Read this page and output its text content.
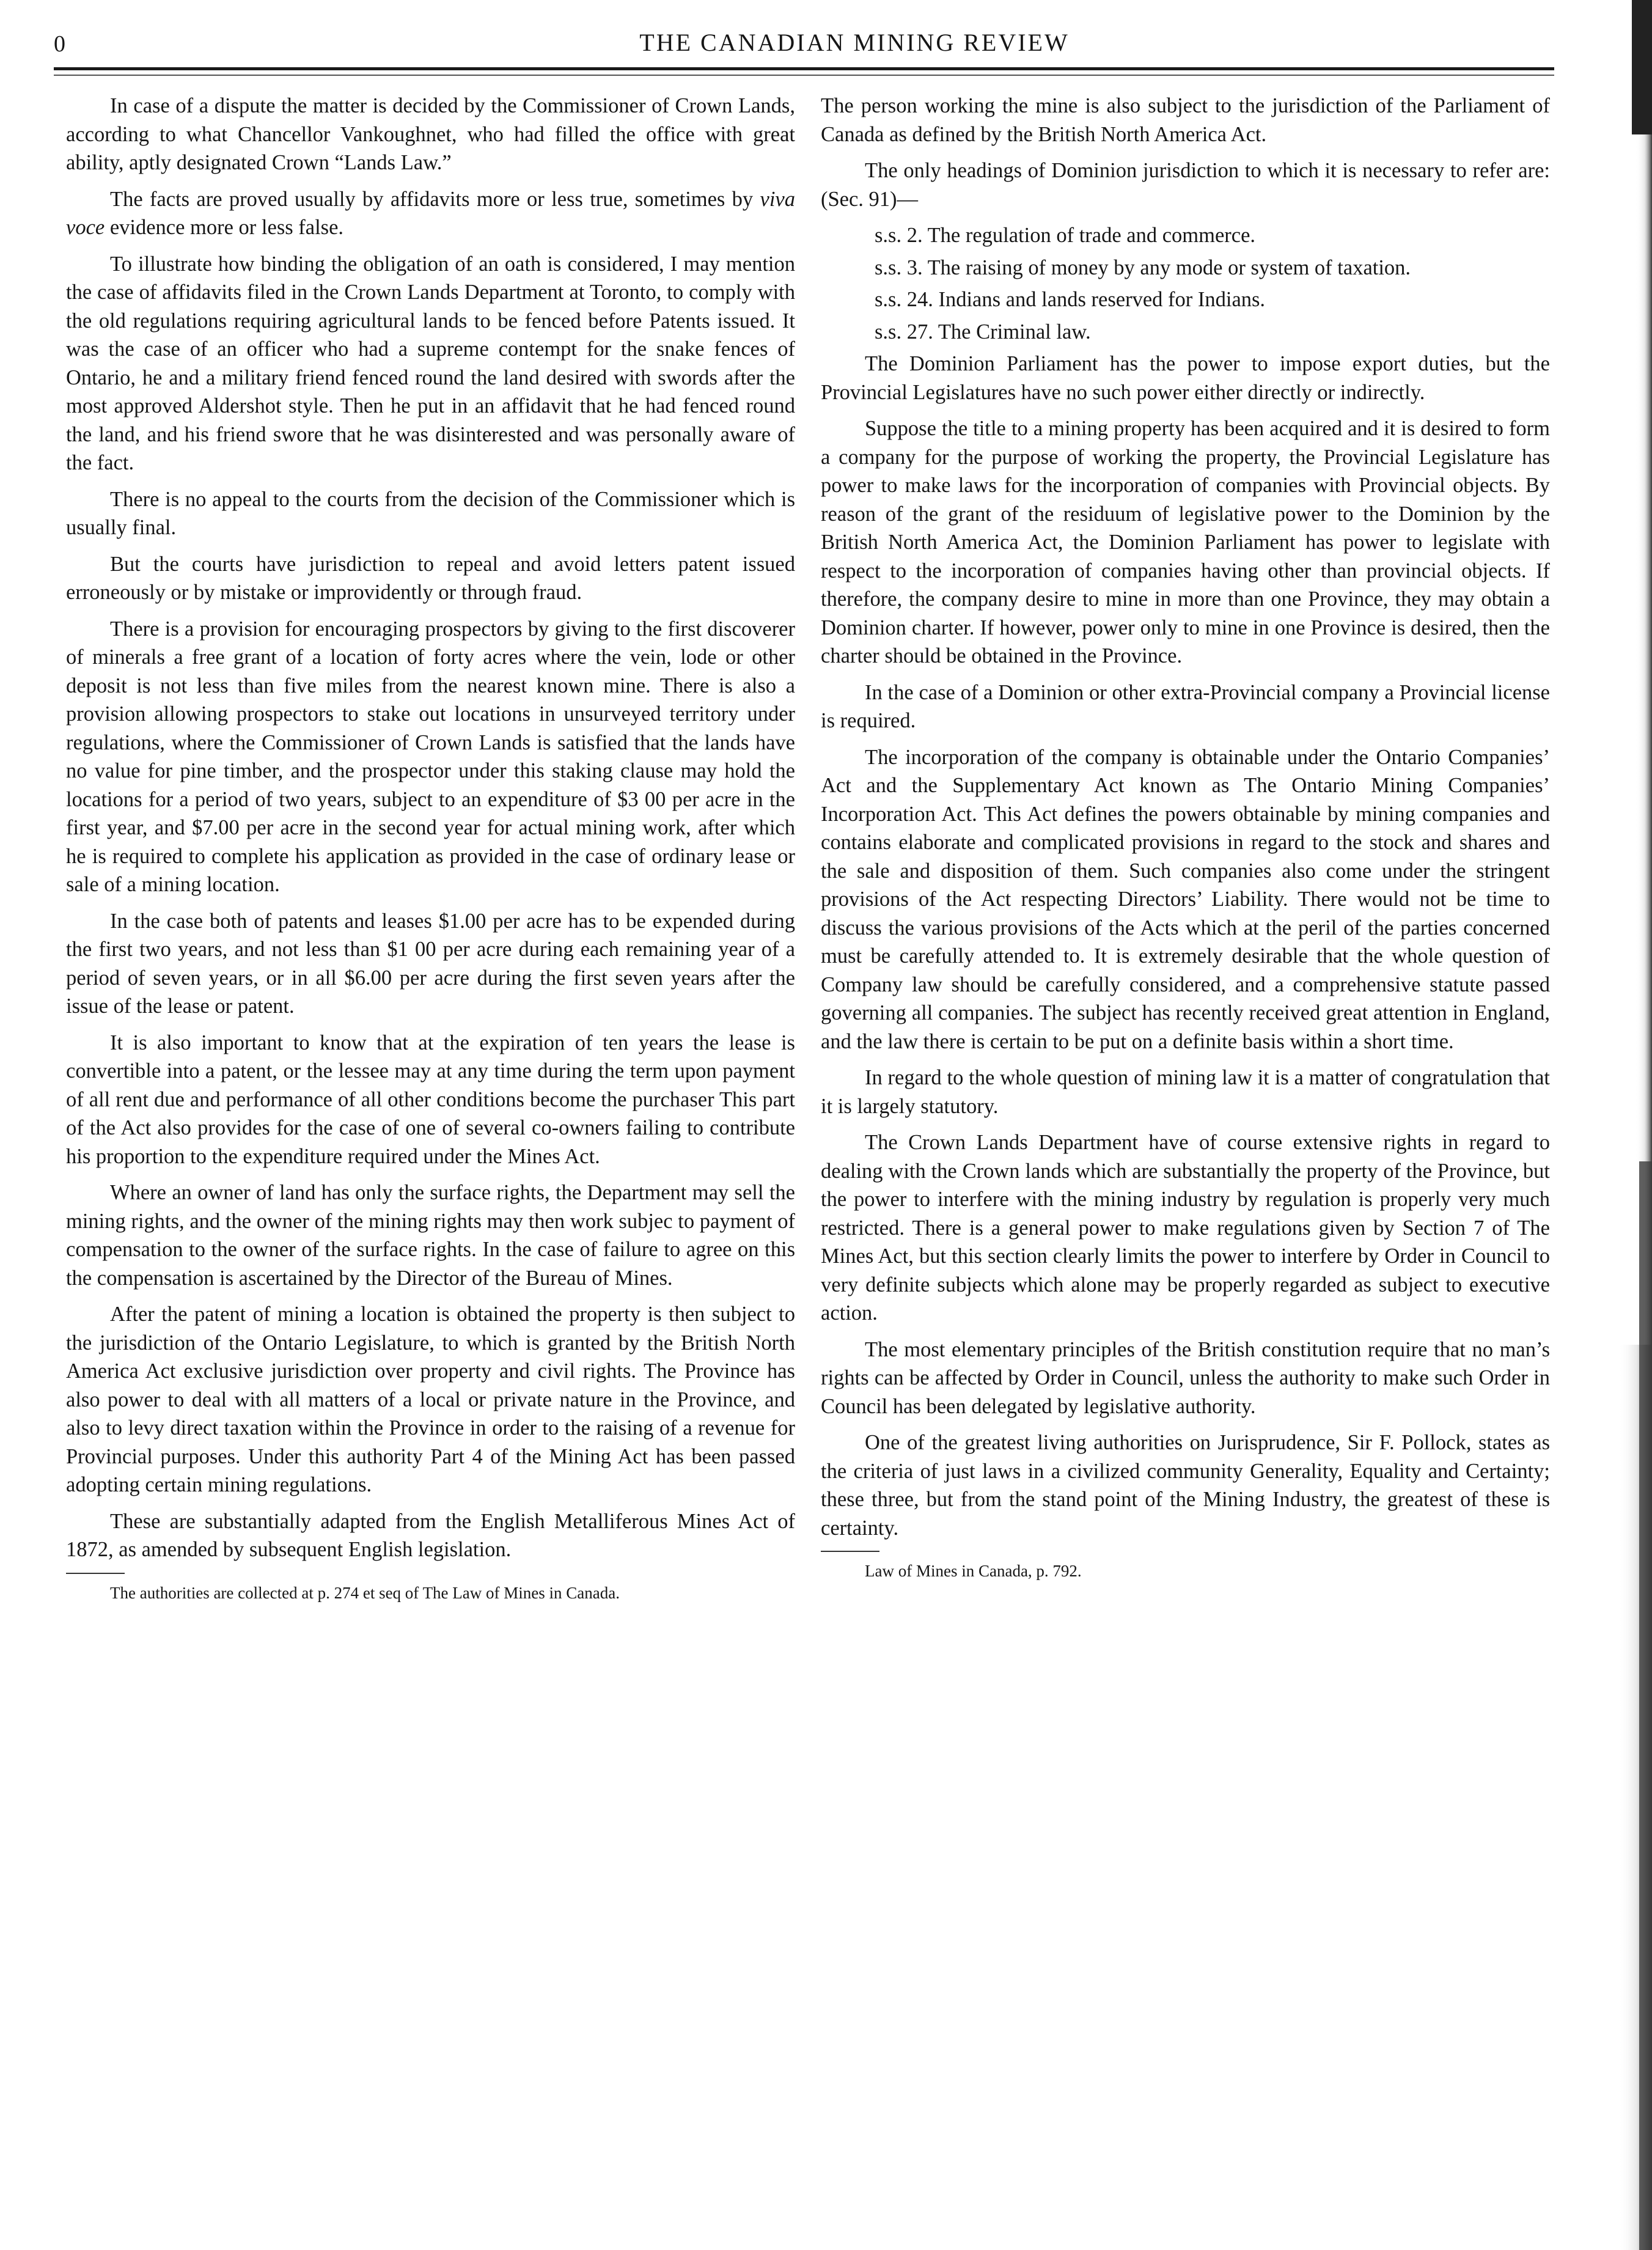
0	THE CANADIAN MINING REVIEW

In case of a dispute the matter is decided by the Commissioner of Crown Lands, according to what Chancellor Vankoughnet, who had filled the office with great ability, aptly designated Crown “Lands Law.”

The facts are proved usually by affidavits more or less true, sometimes by viva voce evidence more or less false.

To illustrate how binding the obligation of an oath is considered, I may mention the case of affidavits filed in the Crown Lands Department at Toronto, to comply with the old regulations requiring agricultural lands to be fenced before Patents issued. It was the case of an officer who had a supreme contempt for the snake fences of Ontario, he and a military friend fenced round the land desired with swords after the most approved Aldershot style. Then he put in an affidavit that he had fenced round the land, and his friend swore that he was disinterested and was personally aware of the fact.

There is no appeal to the courts from the decision of the Commissioner which is usually final.

But the courts have jurisdiction to repeal and avoid letters patent issued erroneously or by mistake or improvidently or through fraud.

There is a provision for encouraging prospectors by giving to the first discoverer of minerals a free grant of a location of forty acres where the vein, lode or other deposit is not less than five miles from the nearest known mine. There is also a provision allowing prospectors to stake out locations in unsurveyed territory under regulations, where the Commissioner of Crown Lands is satisfied that the lands have no value for pine timber, and the prospector under this staking clause may hold the locations for a period of two years, subject to an expenditure of $3 00 per acre in the first year, and $7.00 per acre in the second year for actual mining work, after which he is required to complete his application as provided in the case of ordinary lease or sale of a mining location.

In the case both of patents and leases $1.00 per acre has to be expended during the first two years, and not less than $1 00 per acre during each remaining year of a period of seven years, or in all $6.00 per acre during the first seven years after the issue of the lease or patent.

It is also important to know that at the expiration of ten years the lease is convertible into a patent, or the lessee may at any time during the term upon payment of all rent due and performance of all other conditions become the purchaser This part of the Act also provides for the case of one of several co-owners failing to contribute his proportion to the expenditure required under the Mines Act.

Where an owner of land has only the surface rights, the Department may sell the mining rights, and the owner of the mining rights may then work subjec to payment of compensation to the owner of the surface rights. In the case of failure to agree on this the compensation is ascertained by the Director of the Bureau of Mines.

After the patent of mining a location is obtained the property is then subject to the jurisdiction of the Ontario Legislature, to which is granted by the British North America Act exclusive jurisdiction over property and civil rights. The Province has also power to deal with all matters of a local or private nature in the Province, and also to levy direct taxation within the Province in order to the raising of a revenue for Provincial purposes. Under this authority Part 4 of the Mining Act has been passed adopting certain mining regulations.

These are substantially adapted from the English Metalliferous Mines Act of 1872, as amended by subsequent English legislation.

The authorities are collected at p. 274 et seq of The Law of Mines in Canada.

The person working the mine is also subject to the jurisdiction of the Parliament of Canada as defined by the British North America Act.

The only headings of Dominion jurisdiction to which it is necessary to refer are: (Sec. 91)—

s.s. 2. The regulation of trade and commerce.

s.s. 3. The raising of money by any mode or system of taxation.

s.s. 24. Indians and lands reserved for Indians.

s.s. 27. The Criminal law.

The Dominion Parliament has the power to impose export duties, but the Provincial Legislatures have no such power either directly or indirectly.

Suppose the title to a mining property has been acquired and it is desired to form a company for the purpose of working the property, the Provincial Legislature has power to make laws for the incorporation of companies with Provincial objects. By reason of the grant of the residuum of legislative power to the Dominion by the British North America Act, the Dominion Parliament has power to legislate with respect to the incorporation of companies having other than provincial objects. If therefore, the company desire to mine in more than one Province, they may obtain a Dominion charter. If however, power only to mine in one Province is desired, then the charter should be obtained in the Province.

In the case of a Dominion or other extra-Provincial company a Provincial license is required.

The incorporation of the company is obtainable under the Ontario Companies’ Act and the Supplementary Act known as The Ontario Mining Companies’ Incorporation Act. This Act defines the powers obtainable by mining companies and contains elaborate and complicated provisions in regard to the stock and shares and the sale and disposition of them. Such companies also come under the stringent provisions of the Act respecting Directors’ Liability. There would not be time to discuss the various provisions of the Acts which at the peril of the parties concerned must be carefully attended to. It is extremely desirable that the whole question of Company law should be carefully considered, and a comprehensive statute passed governing all companies. The subject has recently received great attention in England, and the law there is certain to be put on a definite basis within a short time.

In regard to the whole question of mining law it is a matter of congratulation that it is largely statutory.

The Crown Lands Department have of course extensive rights in regard to dealing with the Crown lands which are substantially the property of the Province, but the power to interfere with the mining industry by regulation is properly very much restricted. There is a general power to make regulations given by Section 7 of The Mines Act, but this section clearly limits the power to interfere by Order in Council to very definite subjects which alone may be properly regarded as subject to executive action.

The most elementary principles of the British constitution require that no man’s rights can be affected by Order in Council, unless the authority to make such Order in Council has been delegated by legislative authority.

One of the greatest living authorities on Jurisprudence, Sir F. Pollock, states as the criteria of just laws in a civilized community Generality, Equality and Certainty; these three, but from the stand point of the Mining Industry, the greatest of these is certainty.

Law of Mines in Canada, p. 792.
